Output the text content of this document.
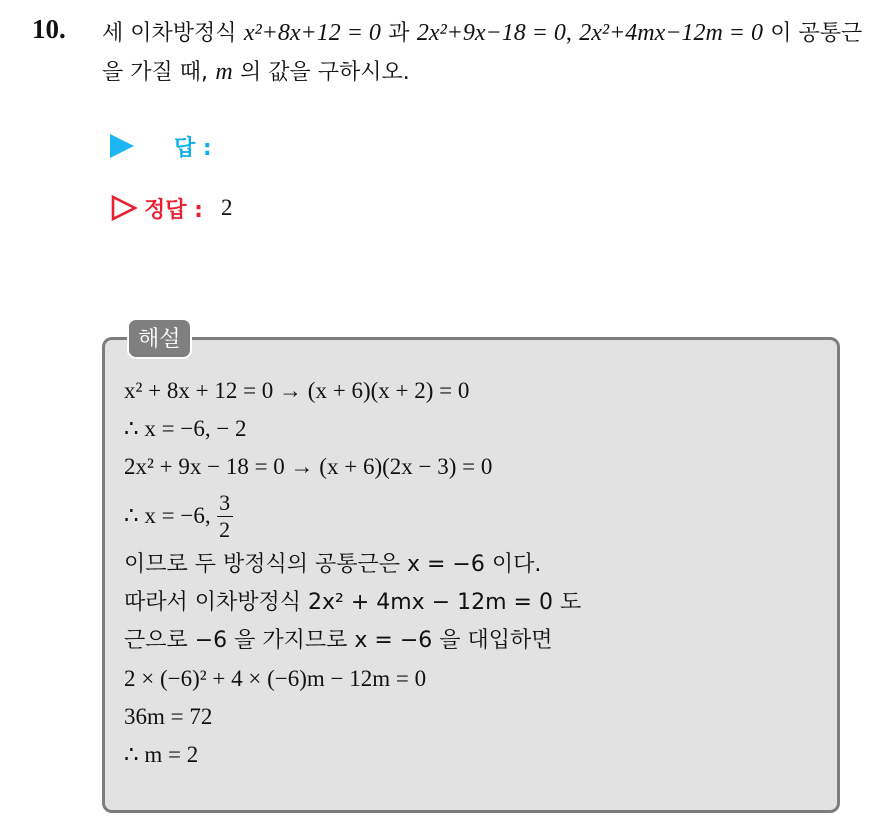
10. 세 이차방정식 x²+8x+12 = 0 과 2x²+9x−18 = 0, 2x²+4mx−12m = 0 이 공통근을 가질 때, m 의 값을 구하시오.
답 :
정답 : 2
해설
x² + 8x + 12 = 0 → (x + 6)(x + 2) = 0
∴ x = −6, − 2
2x² + 9x − 18 = 0 → (x + 6)(2x − 3) = 0
∴ x = −6, $\frac{3}{2}$
이므로 두 방정식의 공통근은 x = −6 이다.
따라서 이차방정식 2x² + 4mx − 12m = 0 도
근으로 −6 을 가지므로 x = −6 을 대입하면
2 × (−6)² + 4 × (−6)m − 12m = 0
36m = 72
∴ m = 2
